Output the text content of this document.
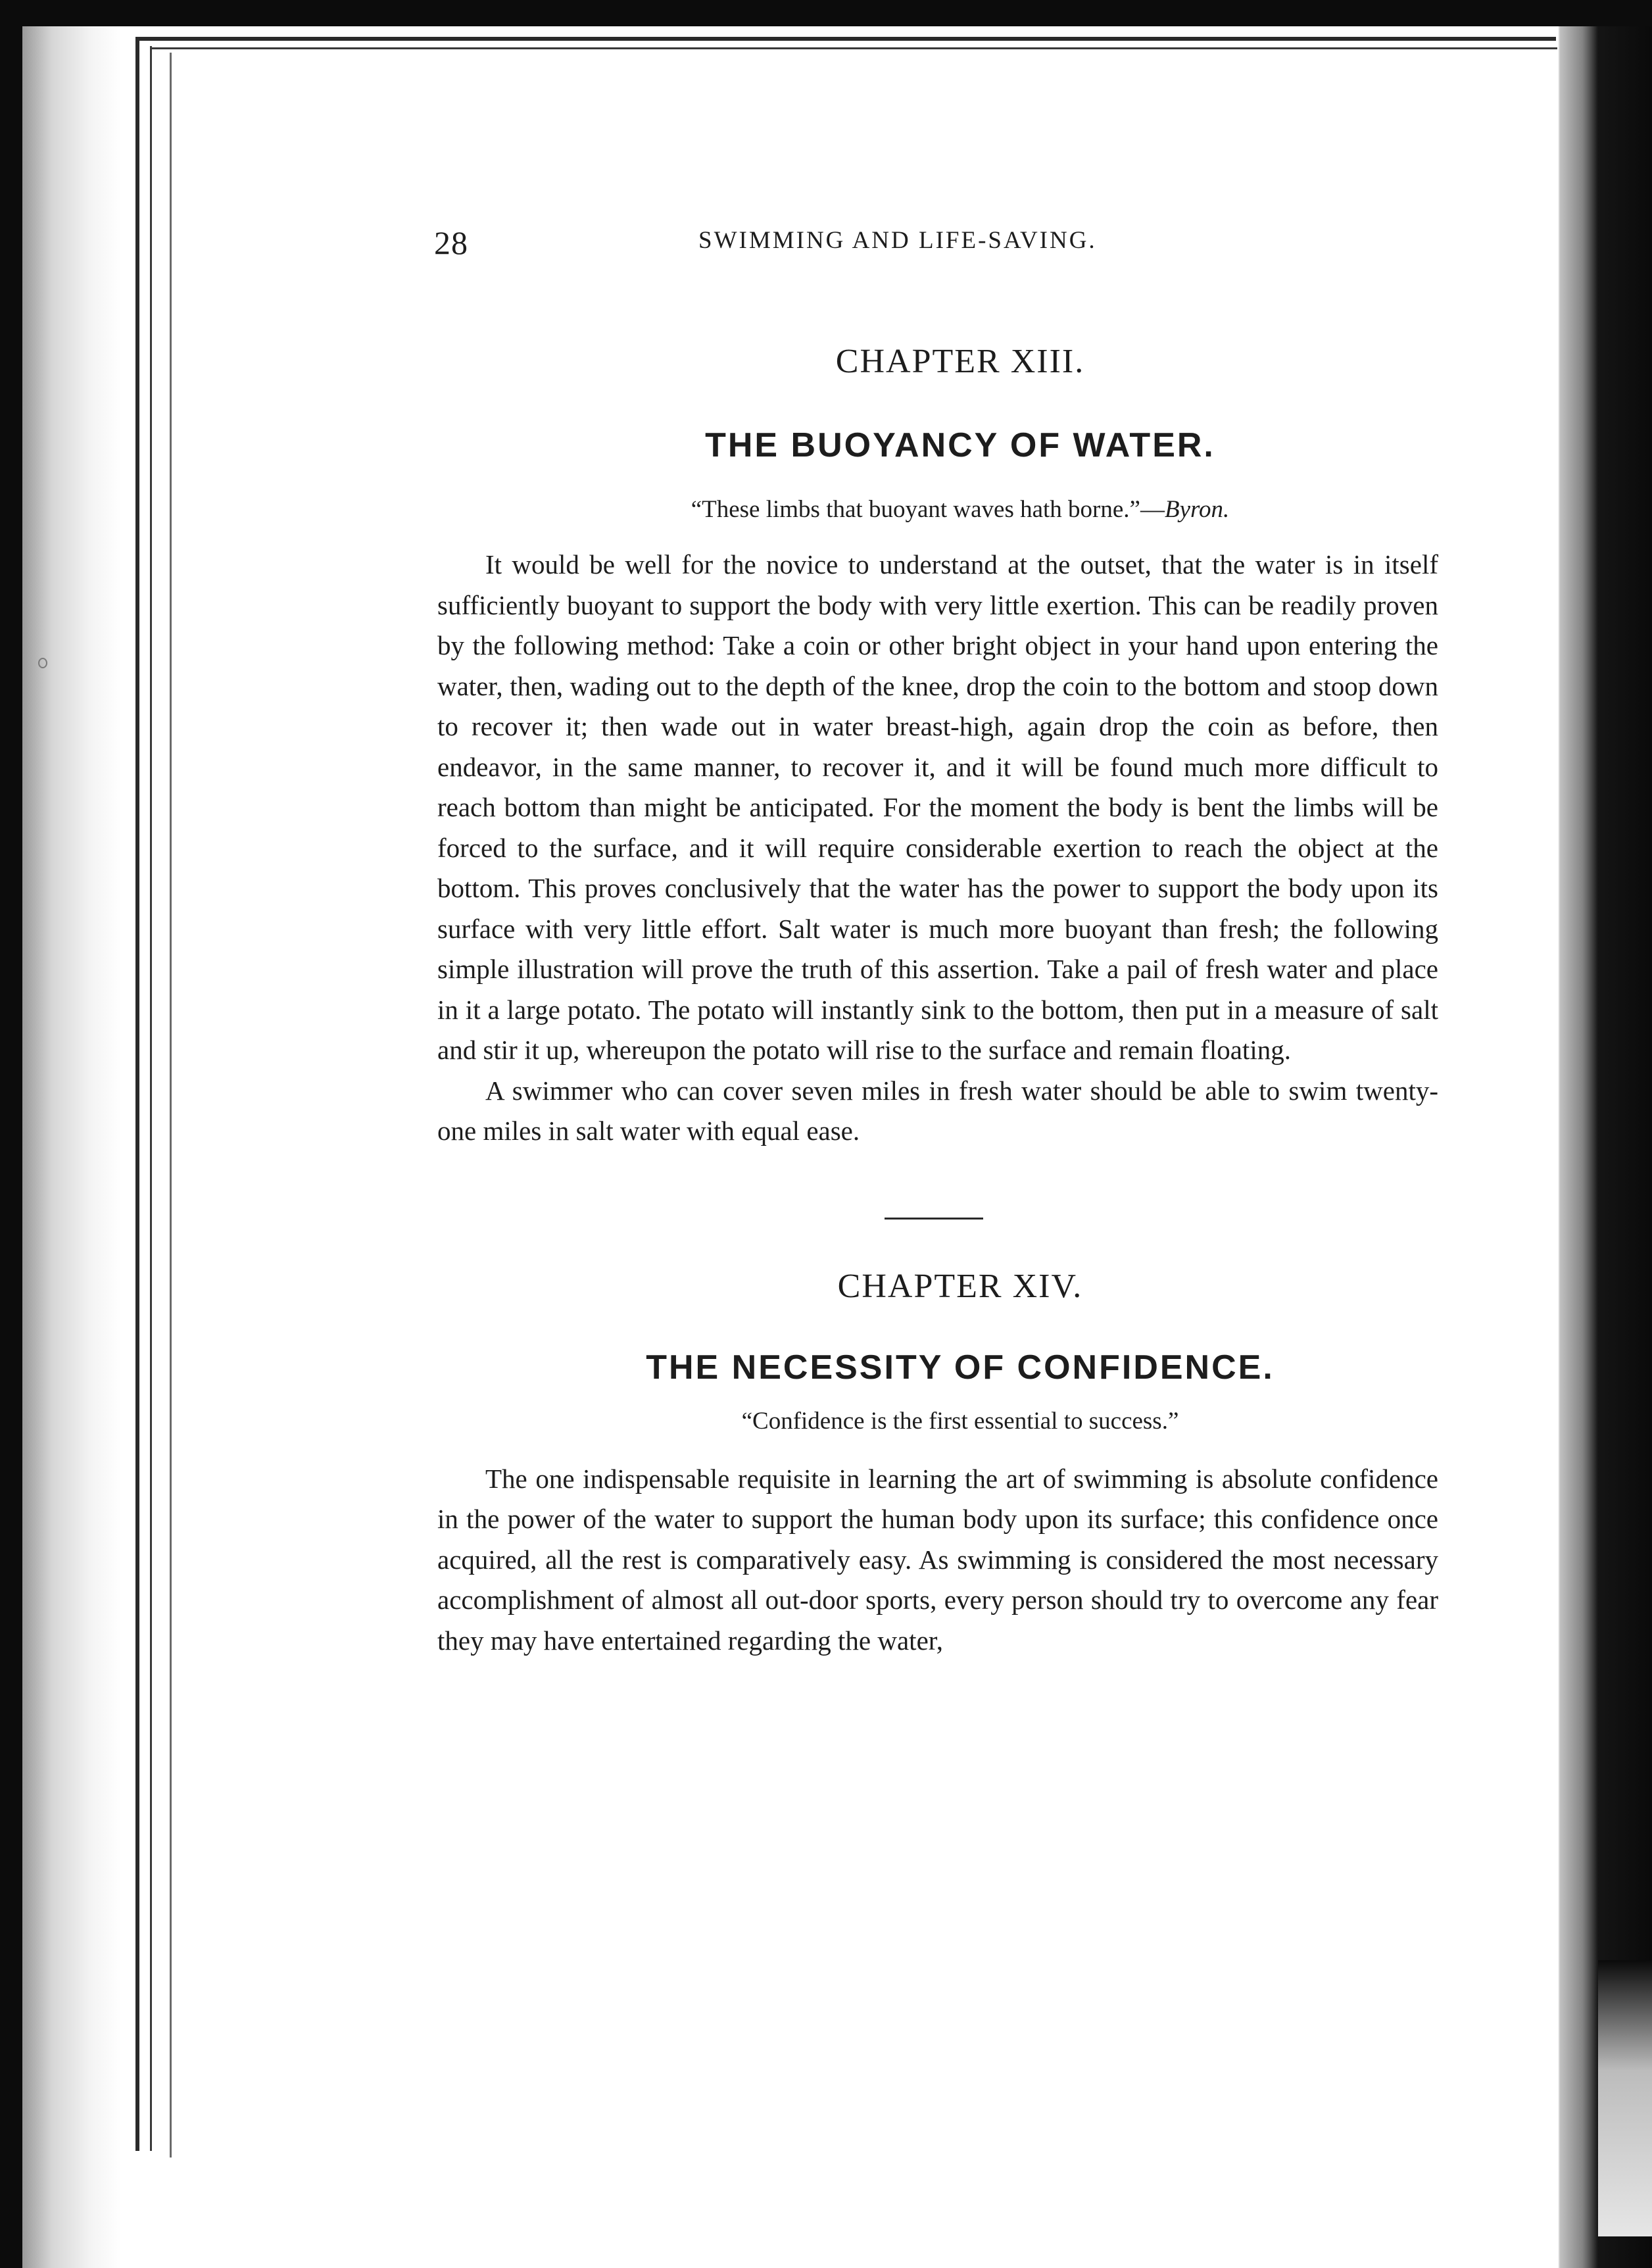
28	SWIMMING AND LIFE-SAVING.
CHAPTER XIII.
THE BUOYANCY OF WATER.
“These limbs that buoyant waves hath borne.”—Byron.

It would be well for the novice to understand at the outset, that the water is in itself sufficiently buoyant to support the body with very little exertion. This can be readily proven by the following method: Take a coin or other bright object in your hand upon entering the water, then, wading out to the depth of the knee, drop the coin to the bottom and stoop down to recover it; then wade out in water breast-high, again drop the coin as before, then endeavor, in the same manner, to recover it, and it will be found much more difficult to reach bottom than might be anticipated. For the moment the body is bent the limbs will be forced to the surface, and it will require considerable exertion to reach the object at the bottom. This proves conclusively that the water has the power to support the body upon its surface with very little effort. Salt water is much more buoyant than fresh; the following simple illustration will prove the truth of this assertion. Take a pail of fresh water and place in it a large potato. The potato will instantly sink to the bottom, then put in a measure of salt and stir it up, whereupon the potato will rise to the surface and remain floating.

A swimmer who can cover seven miles in fresh water should be able to swim twenty-one miles in salt water with equal ease.

CHAPTER XIV.
THE NECESSITY OF CONFIDENCE.
“Confidence is the first essential to success.”

The one indispensable requisite in learning the art of swimming is absolute confidence in the power of the water to support the human body upon its surface; this confidence once acquired, all the rest is comparatively easy. As swimming is considered the most necessary accomplishment of almost all out-door sports, every person should try to overcome any fear they may have entertained regarding the water,
